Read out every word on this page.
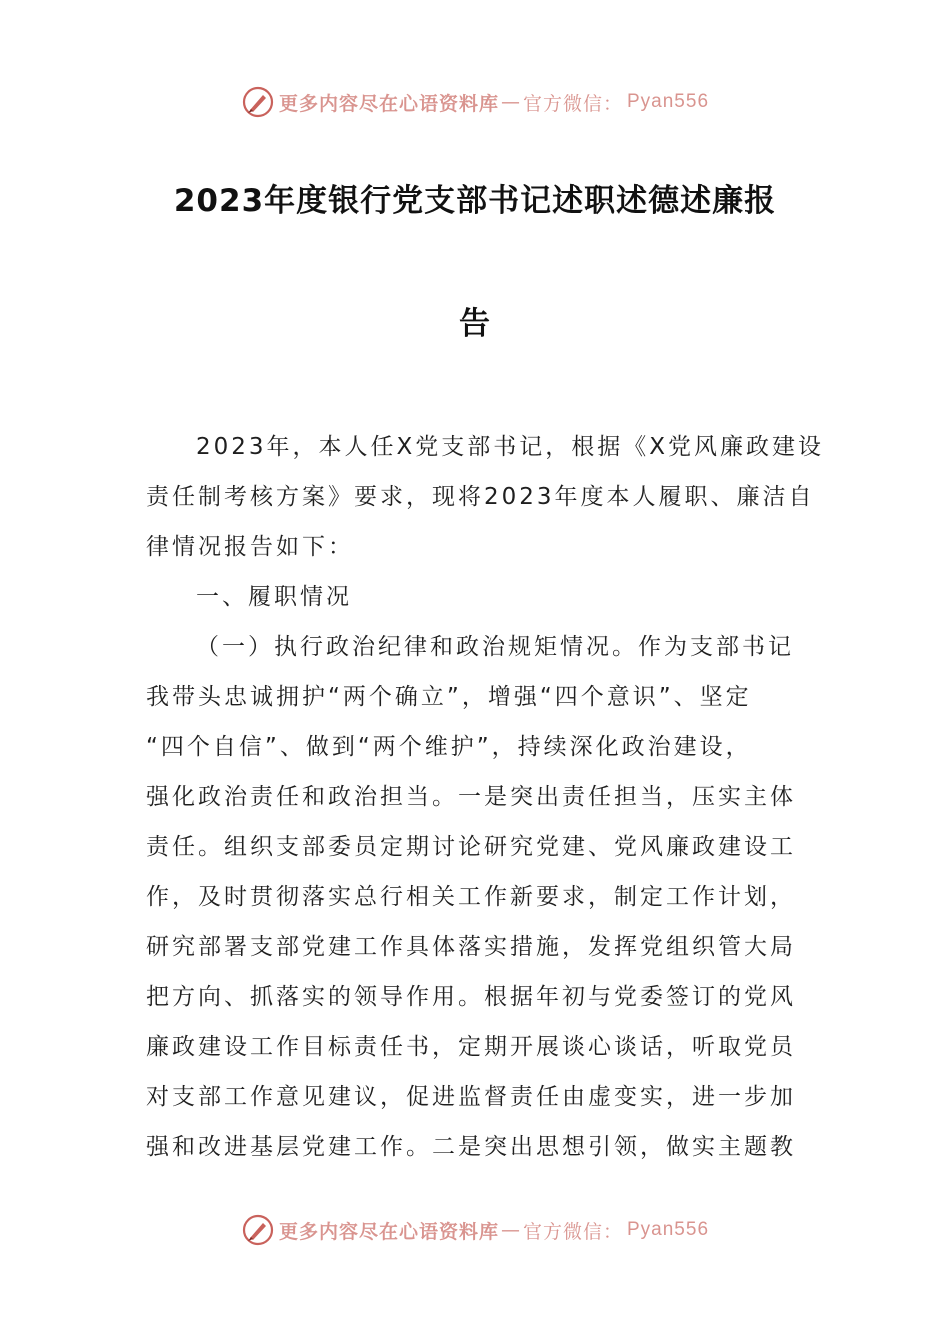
更多内容尽在心语资料库 — 官方微信： Pyan556
2023年度银行党支部书记述职述德述廉报
告
2023年，本人任X党支部书记，根据《X党风廉政建设
责任制考核方案》要求，现将2023年度本人履职、廉洁自
律情况报告如下：
一、履职情况
（一）执行政治纪律和政治规矩情况。作为支部书记
我带头忠诚拥护“两个确立”，增强“四个意识”、坚定
“四个自信”、做到“两个维护”，持续深化政治建设，
强化政治责任和政治担当。一是突出责任担当，压实主体
责任。组织支部委员定期讨论研究党建、党风廉政建设工
作，及时贯彻落实总行相关工作新要求，制定工作计划，
研究部署支部党建工作具体落实措施，发挥党组织管大局
把方向、抓落实的领导作用。根据年初与党委签订的党风
廉政建设工作目标责任书，定期开展谈心谈话，听取党员
对支部工作意见建议，促进监督责任由虚变实，进一步加
强和改进基层党建工作。二是突出思想引领，做实主题教
更多内容尽在心语资料库 — 官方微信： Pyan556
